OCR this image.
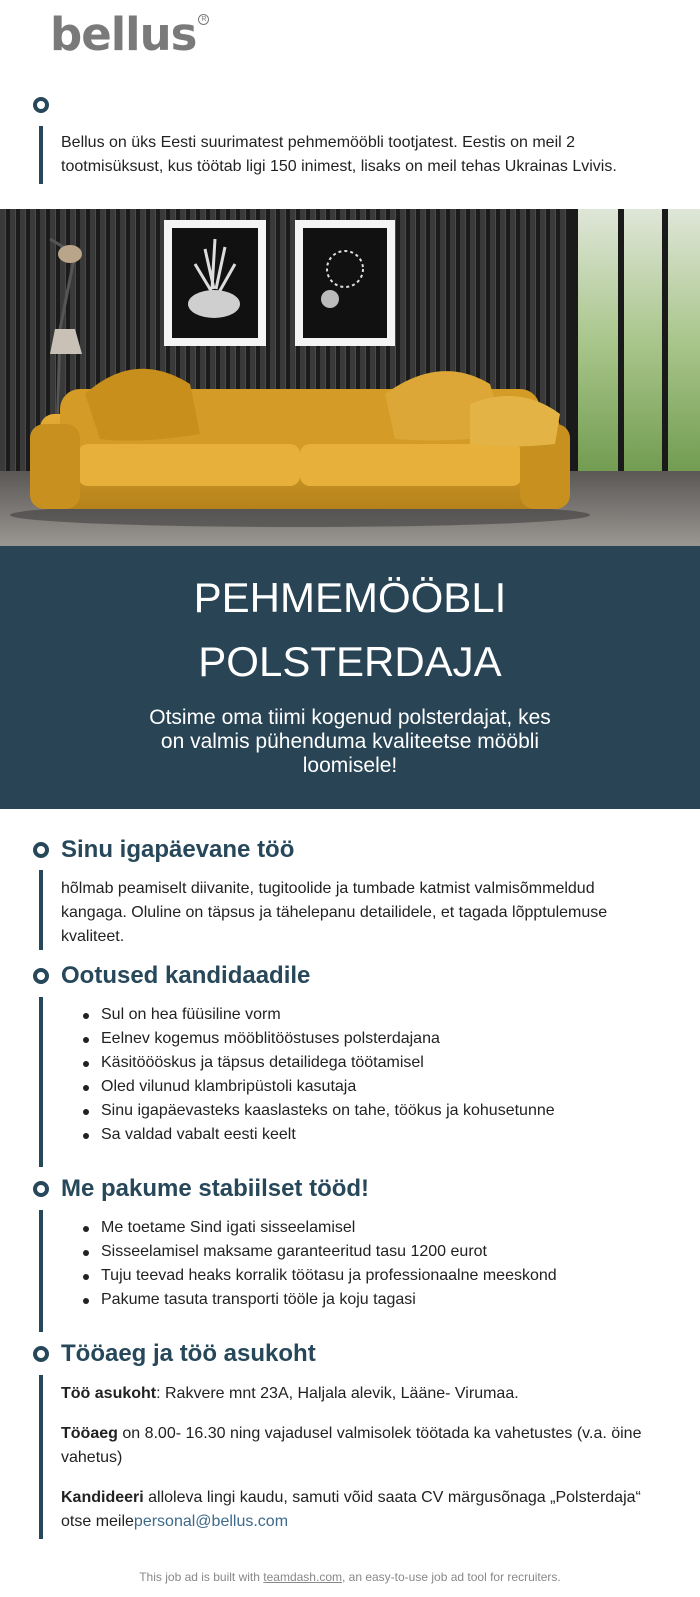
bellus R

Bellus on üks Eesti suurimatest pehmemööbli tootjatest. Eestis on meil 2 tootmisüksust, kus töötab ligi 150 inimest, lisaks on meil tehas Ukrainas Lvivis.

PEHMEMÖÖBLI
POLSTERDAJA

Otsime oma tiimi kogenud polsterdajat, kes on valmis pühenduma kvaliteetse mööbli loomisele!

Sinu igapäevane töö

hõlmab peamiselt diivanite, tugitoolide ja tumbade katmist valmisõmmeldud kangaga. Oluline on täpsus ja tähelepanu detailidele, et tagada lõpptulemuse kvaliteet.

Ootused kandidaadile
Sul on hea füüsiline vorm
Eelnev kogemus mööblitööstuses polsterdajana
Käsitöööskus ja täpsus detailidega töötamisel
Oled vilunud klambripüstoli kasutaja
Sinu igapäevasteks kaaslasteks on tahe, töökus ja kohusetunne
Sa valdad vabalt eesti keelt
Me pakume stabiilset tööd!
Me toetame Sind igati sisseelamisel
Sisseelamisel maksame garanteeritud tasu 1200 eurot
Tuju teevad heaks korralik töötasu ja professionaalne meeskond
Pakume tasuta transporti tööle ja koju tagasi
Tööaeg ja töö asukoht

Töö asukoht: Rakvere mnt 23A, Haljala alevik, Lääne- Virumaa.

Tööaeg on 8.00- 16.30 ning vajadusel valmisolek töötada ka vahetustes (v.a. öine vahetus)

Kandideeri alloleva lingi kaudu, samuti võid saata CV märgusõnaga „Polsterdaja“ otse meilepersonal@bellus.com

This job ad is built with teamdash.com, an easy-to-use job ad tool for recruiters.
